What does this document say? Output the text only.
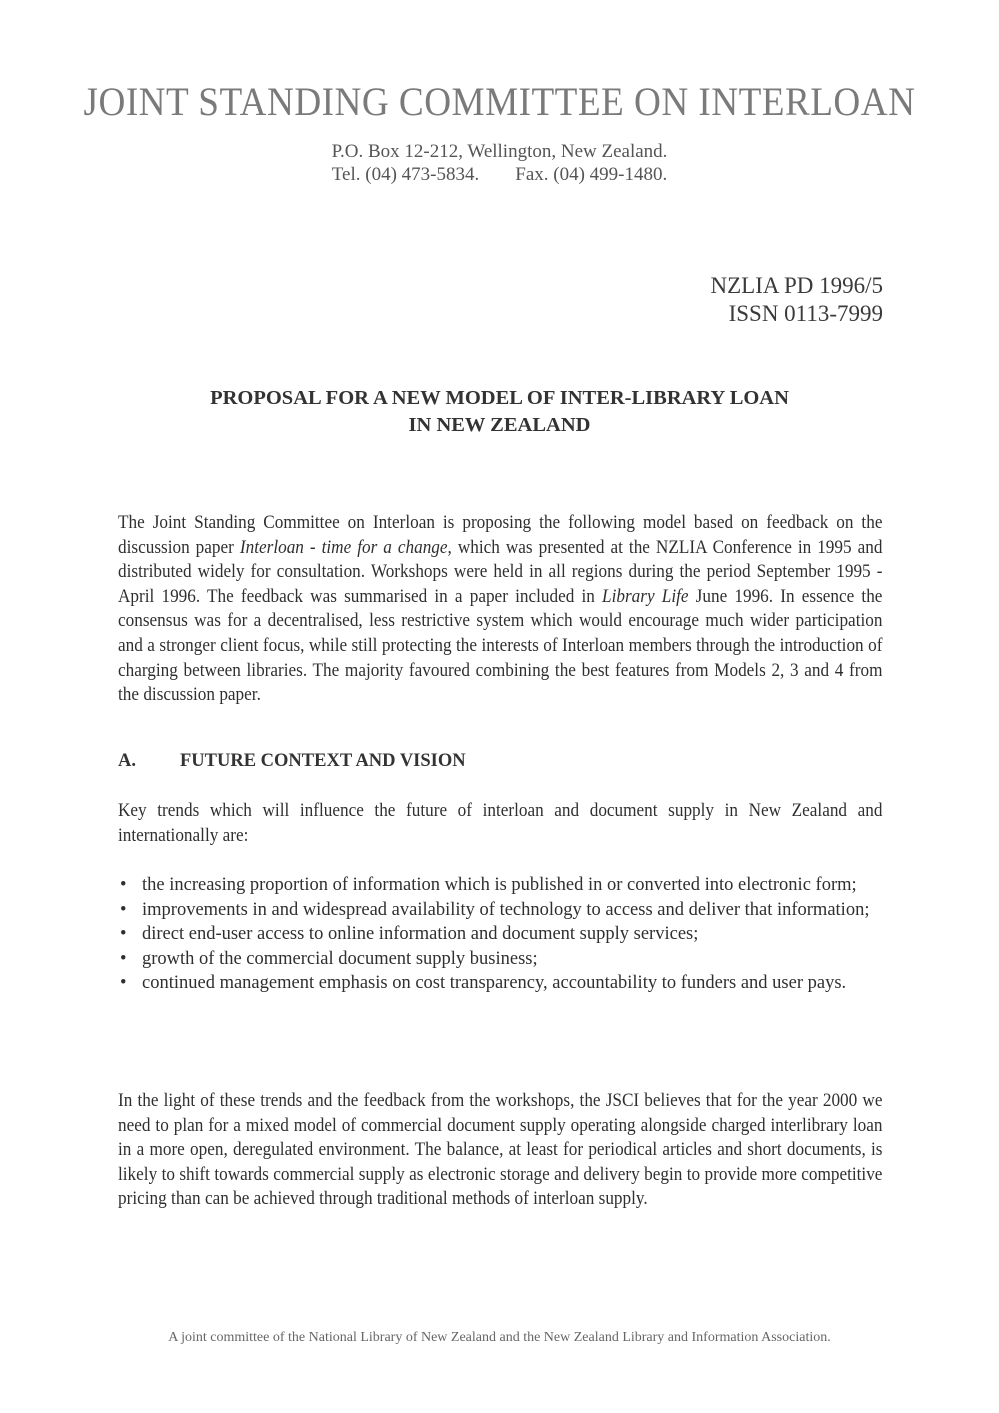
JOINT STANDING COMMITTEE ON INTERLOAN
P.O. Box 12-212, Wellington, New Zealand.
Tel. (04) 473-5834. Fax. (04) 499-1480.
NZLIA PD 1996/5
ISSN 0113-7999
PROPOSAL FOR A NEW MODEL OF INTER-LIBRARY LOAN
IN NEW ZEALAND
The Joint Standing Committee on Interloan is proposing the following model based on feedback on the discussion paper Interloan - time for a change, which was presented at the NZLIA Conference in 1995 and distributed widely for consultation. Workshops were held in all regions during the period September 1995 - April 1996. The feedback was summarised in a paper included in Library Life June 1996. In essence the consensus was for a decentralised, less restrictive system which would encourage much wider participation and a stronger client focus, while still protecting the interests of Interloan members through the introduction of charging between libraries. The majority favoured combining the best features from Models 2, 3 and 4 from the discussion paper.
A. FUTURE CONTEXT AND VISION
Key trends which will influence the future of interloan and document supply in New Zealand and internationally are:
• the increasing proportion of information which is published in or converted into electronic form;
• improvements in and widespread availability of technology to access and deliver that information;
• direct end-user access to online information and document supply services;
• growth of the commercial document supply business;
• continued management emphasis on cost transparency, accountability to funders and user pays.
In the light of these trends and the feedback from the workshops, the JSCI believes that for the year 2000 we need to plan for a mixed model of commercial document supply operating alongside charged interlibrary loan in a more open, deregulated environment. The balance, at least for periodical articles and short documents, is likely to shift towards commercial supply as electronic storage and delivery begin to provide more competitive pricing than can be achieved through traditional methods of interloan supply.
A joint committee of the National Library of New Zealand and the New Zealand Library and Information Association.
